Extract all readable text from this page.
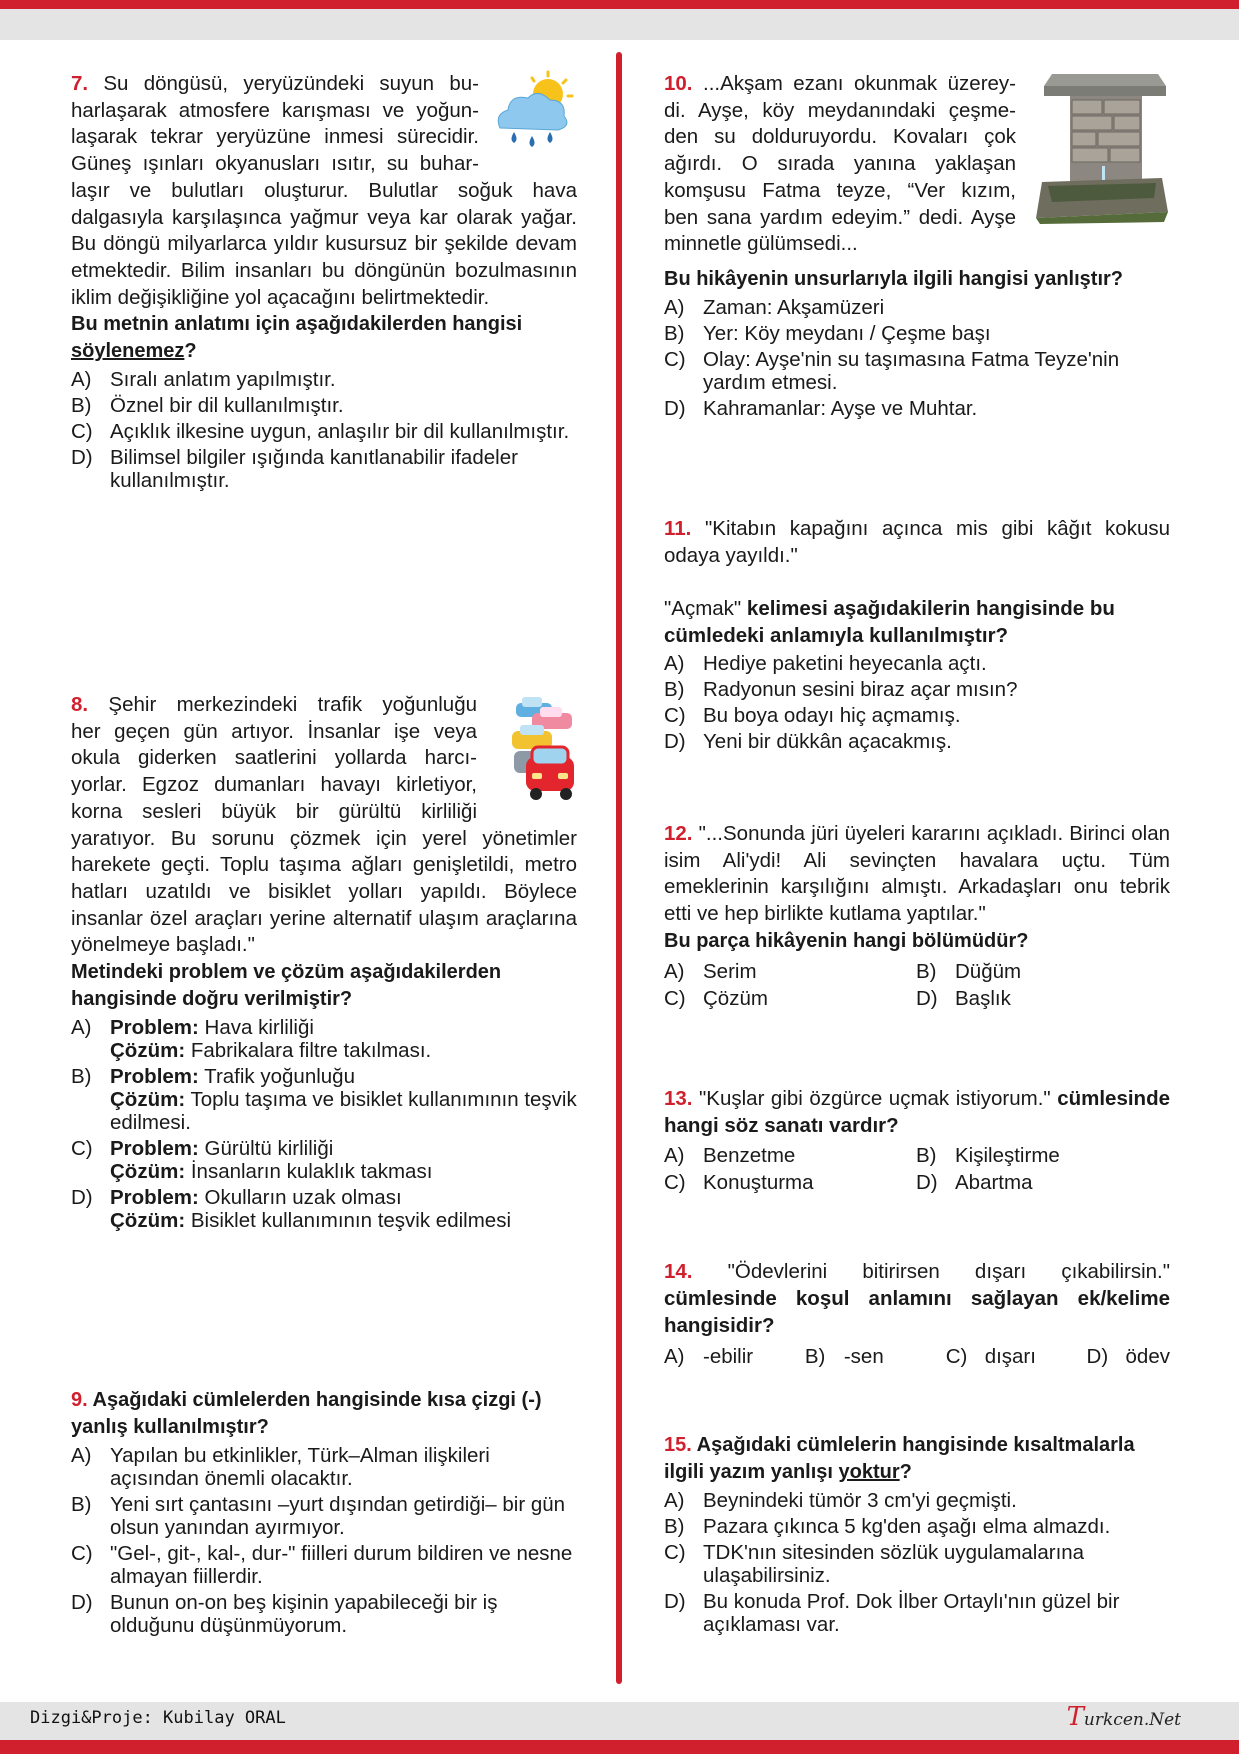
7. Su döngüsü, yeryüzündeki suyun bu-

harlaşarak atmosfere karışması ve yoğun-

laşarak tekrar yeryüzüne inmesi sürecidir.

Güneş ışınları okyanusları ısıtır, su buhar-

laşır ve bulutları oluşturur. Bulutlar soğuk hava dalgasıyla karşılaşınca yağmur veya kar olarak yağar. Bu döngü milyarlarca yıldır kusursuz bir şekilde devam etmektedir. Bilim insanları bu döngünün bozulmasının iklim değişikliğine yol açacağını belirtmektedir.

Bu metnin anlatımı için aşağıdakilerden hangisi söylenemez?

A) Sıralı anlatım yapılmıştır.
B) Öznel bir dil kullanılmıştır.
C) Açıklık ilkesine uygun, anlaşılır bir dil kullanılmıştır.
D) Bilimsel bilgiler ışığında kanıtlanabilir ifadeler kullanılmıştır.

8. Şehir merkezindeki trafik yoğunluğu

her geçen gün artıyor. İnsanlar işe veya

okula giderken saatlerini yollarda harcı-

yorlar. Egzoz dumanları havayı kirletiyor,

korna sesleri büyük bir gürültü kirliliği

yaratıyor. Bu sorunu çözmek için yerel yönetimler harekete geçti. Toplu taşıma ağları genişletildi, metro hatları uzatıldı ve bisiklet yolları yapıldı. Böylece insanlar özel araçları yerine alternatif ulaşım araçlarına yönelmeye başladı."

Metindeki problem ve çözüm aşağıdakilerden hangisinde doğru verilmiştir?

A) Problem: Hava kirliliği
Çözüm: Fabrikalara filtre takılması.
B) Problem: Trafik yoğunluğu
Çözüm: Toplu taşıma ve bisiklet kullanımının teşvik edilmesi.
C) Problem: Gürültü kirliliği
Çözüm: İnsanların kulaklık takması
D) Problem: Okulların uzak olması
Çözüm: Bisiklet kullanımının teşvik edilmesi

9. Aşağıdaki cümlelerden hangisinde kısa çizgi (-) yanlış kullanılmıştır?

A) Yapılan bu etkinlikler, Türk–Alman ilişkileri açısından önemli olacaktır.
B) Yeni sırt çantasını –yurt dışından getirdiği– bir gün olsun yanından ayırmıyor.
C) "Gel-, git-, kal-, dur-" fiilleri durum bildiren ve nesne almayan fiillerdir.
D) Bunun on-on beş kişinin yapabileceği bir iş olduğunu düşünmüyorum.

10. ...Akşam ezanı okunmak üzerey-

di. Ayşe, köy meydanındaki çeşme-

den su dolduruyordu. Kovaları çok

ağırdı. O sırada yanına yaklaşan

komşusu Fatma teyze, “Ver kızım,

ben sana yardım edeyim.” dedi. Ayşe

minnetle gülümsedi...

Bu hikâyenin unsurlarıyla ilgili hangisi yanlıştır?

A) Zaman: Akşamüzeri
B) Yer: Köy meydanı / Çeşme başı
C) Olay: Ayşe'nin su taşımasına Fatma Teyze'nin yardım etmesi.
D) Kahramanlar: Ayşe ve Muhtar.

11. "Kitabın kapağını açınca mis gibi kâğıt kokusu odaya yayıldı."

"Açmak" kelimesi aşağıdakilerin hangisinde bu cümledeki anlamıyla kullanılmıştır?

A) Hediye paketini heyecanla açtı.
B) Radyonun sesini biraz açar mısın?
C) Bu boya odayı hiç açmamış.
D) Yeni bir dükkân açacakmış.

12. "...Sonunda jüri üyeleri kararını açıkladı. Birinci olan isim Ali'ydi! Ali sevinçten havalara uçtu. Tüm emeklerinin karşılığını almıştı. Arkadaşları onu tebrik etti ve hep birlikte kutlama yaptılar."

Bu parça hikâyenin hangi bölümüdür?

A) Serim	B) Düğüm
C) Çözüm	D) Başlık

13. "Kuşlar gibi özgürce uçmak istiyorum." cümlesinde hangi söz sanatı vardır?

A) Benzetme	B) Kişileştirme
C) Konuşturma	D) Abartma

14. "Ödevlerini bitirirsen dışarı çıkabilirsin." cümlesinde koşul anlamını sağlayan ek/kelime hangisidir?

A) -ebilir	B) -sen	C) dışarı D) ödev

15. Aşağıdaki cümlelerin hangisinde kısaltmalarla ilgili yazım yanlışı yoktur?

A) Beynindeki tümör 3 cm'yi geçmişti.
B) Pazara çıkınca 5 kg'den aşağı elma almazdı.
C) TDK'nın sitesinden sözlük uygulamalarına ulaşabilirsiniz.
D) Bu konuda Prof. Dok İlber Ortaylı'nın güzel bir açıklaması var.
Dizgi&Proje: Kubilay ORAL	Turkcen.Net
